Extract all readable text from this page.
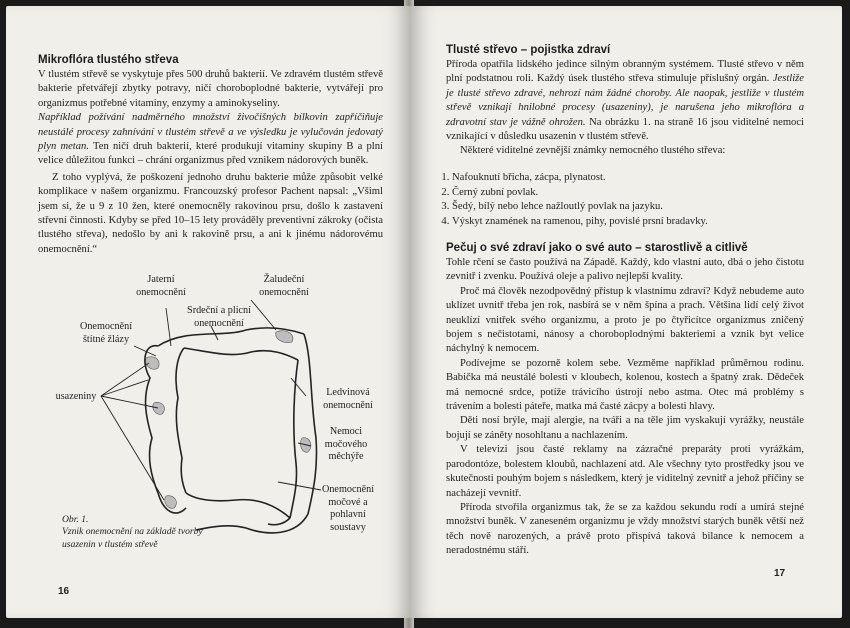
Mikroflóra tlustého střeva

V tlustém střevě se vyskytuje přes 500 druhů bakterií. Ve zdravém tlustém střevě bakterie přetvářejí zbytky potravy, ničí choroboplodné bakterie, vytvářejí pro organizmus potřebné vitaminy, enzymy a aminokyseliny.

Například požívání nadměrného množství živočišných bílkovin zapříčiňuje neustálé procesy zahnívání v tlustém střevě a ve výsledku je vylučován jedovatý plyn metan. Ten ničí druh bakterií, které produkují vitaminy skupiny B a plní velice důležitou funkci – chrání organizmus před vznikem nádorových buněk.

Z toho vyplývá, že poškození jednoho druhu bakterie může způsobit velké komplikace v našem organizmu. Francouzský profesor Pachent napsal: „Všiml jsem si, že u 9 z 10 žen, které onemocněly rakovinou prsu, došlo k zastavení střevní činnosti. Kdyby se před 10–15 lety prováděly preventivní zákroky (očista tlustého střeva), nedošlo by ani k rakovině prsu, a ani k jinému nádorovému onemocnění.“

Jaterní onemocnění
Žaludeční onemocnění
Srdeční a plicní onemocnění
Onemocnění štítné žlázy
usazeniny	Ledvinová onemocnění
Nemoci močového měchýře
Onemocnění močové a pohlavní soustavy
Obr. 1.
Vznik onemocnění na základě tvorby usazenin v tlustém střevě
16
Tlusté střevo – pojistka zdraví

Příroda opatřila lidského jedince silným obranným systémem. Tlusté střevo v něm plní podstatnou roli. Každý úsek tlustého střeva stimuluje příslušný orgán. Jestliže je tlusté střevo zdravé, nehrozí nám žádné choroby. Ale naopak, jestliže v tlustém střevě vznikají hnilobné procesy (usazeniny), je narušena jeho mikroflóra a zdravotní stav je vážně ohrožen. Na obrázku 1. na straně 16 jsou viditelné nemoci vznikající v důsledku usazenin v tlustém střevě.

Některé viditelné zevnější známky nemocného tlustého střeva:

1. Nafouknutí břicha, zácpa, plynatost.
2. Černý zubní povlak.
3. Šedý, bílý nebo lehce nažloutlý povlak na jazyku.
4. Výskyt znamének na ramenou, pihy, povislé prsní bradavky.
Pečuj o své zdraví jako o své auto – starostlivě a citlivě

Tohle rčení se často používá na Západě. Každý, kdo vlastní auto, dbá o jeho čistotu zevnitř i zvenku. Používá oleje a palivo nejlepší kvality.

Proč má člověk nezodpovědný přístup k vlastnímu zdraví? Když nebudeme auto uklízet uvnitř třeba jen rok, nasbírá se v něm špína a prach. Většina lidí celý život neuklízí vnitřek svého organizmu, a proto je po čtyřicítce organizmus zničený bojem s nečistotami, nánosy a choroboplodnými bakteriemi a vznik byt velice náchylný k nemocem.

Podívejme se pozorně kolem sebe. Vezměme například průměrnou rodinu. Babička má neustálé bolesti v kloubech, kolenou, kostech a špatný zrak. Dědeček má nemocné srdce, potíže trávicího ústrojí nebo astma. Otec má problémy s trávením a bolesti páteře, matka má časté zácpy a bolesti hlavy.

Děti nosí brýle, mají alergie, na tváři a na těle jim vyskakují vyrážky, neustále bojují se záněty nosohltanu a nachlazením.

V televizi jsou časté reklamy na zázračné preparáty proti vyrážkám, parodontóze, bolestem kloubů, nachlazení atd. Ale všechny tyto prostředky jsou ve skutečnosti pouhým bojem s následkem, který je viditelný zevnitř a jehož příčiny se nacházejí vevnitř.

Příroda stvořila organizmus tak, že se za každou sekundu rodí a umírá stejné množství buněk. V zaneseném organizmu je vždy množství starých buněk větší než těch nově narozených, a právě proto přispívá taková bilance k nemocem a neradostnému stáří.

17
